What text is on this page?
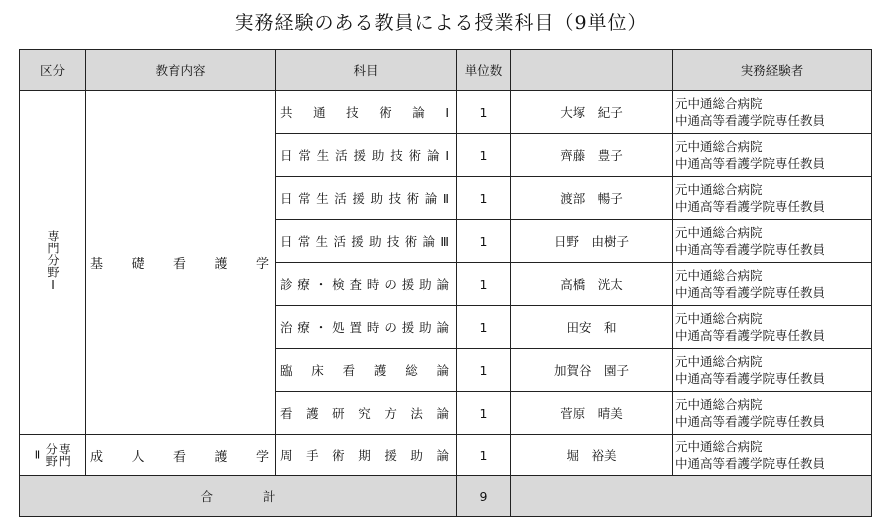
実務経験のある教員による授業科目（9単位）
区分	教育内容	科目	単位数		実務経験者
専門分野Ⅰ	基　礎　看　護　学	共通技術論Ⅰ	1	大塚　紀子	元中通総合病院
中通高等看護学院専任教員

		日常生活援助技術論Ⅰ	1	齊藤　豊子	元中通総合病院
中通高等看護学院専任教員

		日常生活援助技術論Ⅱ	1	渡部　暢子	元中通総合病院
中通高等看護学院専任教員

		日常生活援助技術論Ⅲ	1	日野　由樹子	元中通総合病院
中通高等看護学院専任教員

		診療・検査時の援助論	1	高橋　洸太	元中通総合病院
中通高等看護学院専任教員

		治療・処置時の援助論	1	田安　和	元中通総合病院
中通高等看護学院専任教員

		臨床看護総論	1	加賀谷　園子	元中通総合病院
中通高等看護学院専任教員

		看護研究方法論	1	菅原　晴美	元中通総合病院
中通高等看護学院専任教員

Ⅱ 分野専門	成　人　看　護　学	周手術期援助論	1	堀　裕美	元中通総合病院
中通高等看護学院専任教員

合　　　　計			9		
